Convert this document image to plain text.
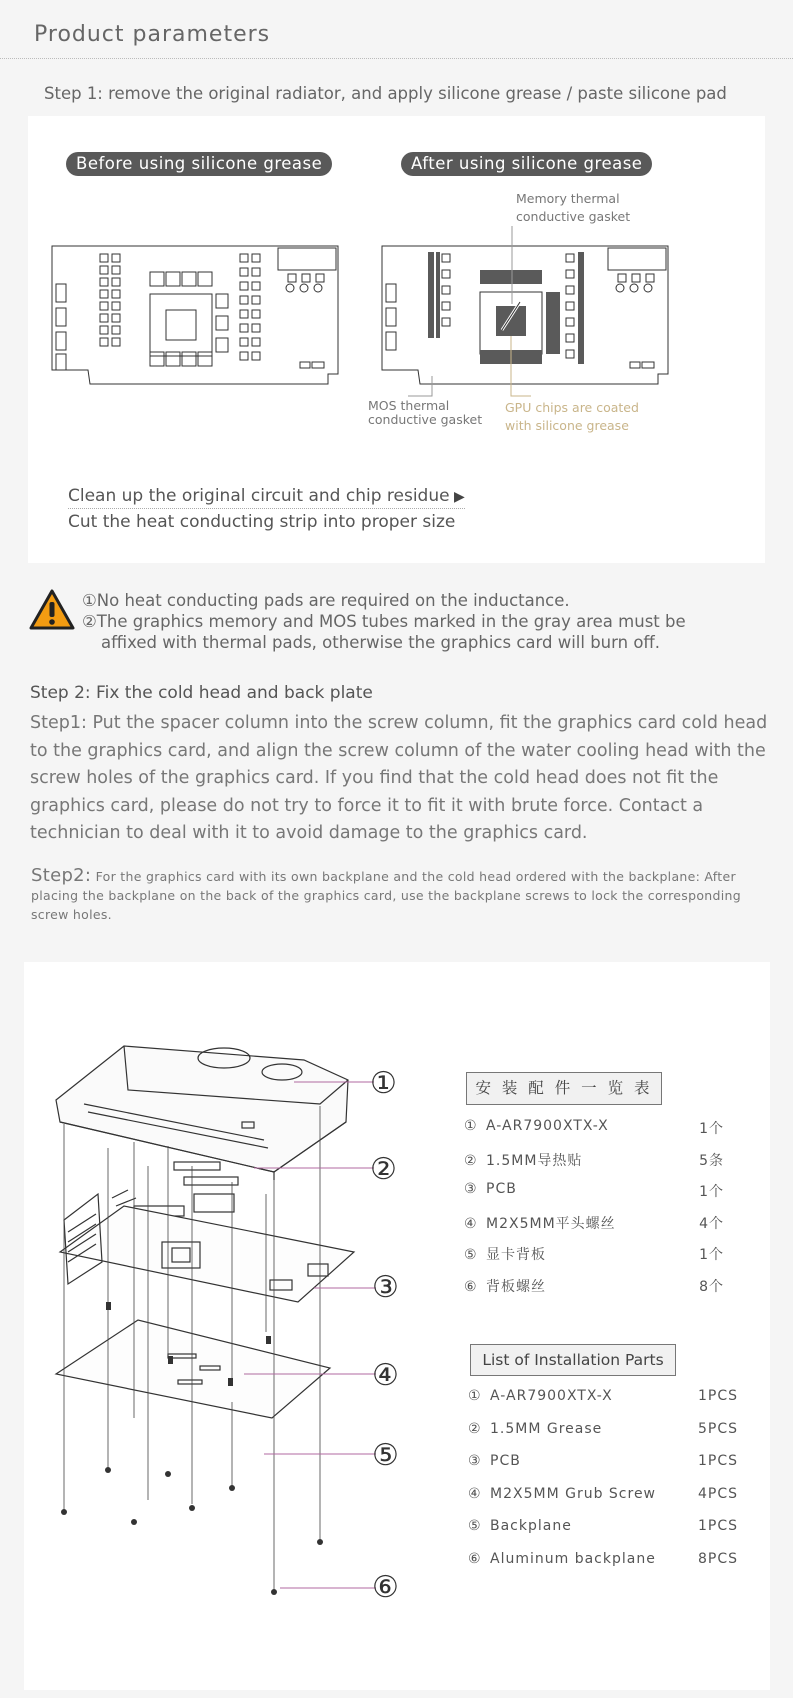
Product parameters
Step 1: remove the original radiator, and apply silicone grease / paste silicone pad
Before using silicone grease	After using silicone grease
Memory thermal
conductive gasket
MOS thermal
conductive gasket
GPU chips are coated
with silicone grease
Clean up the original circuit and chip residue ▶
Cut the heat conducting strip into proper size
①No heat conducting pads are required on the inductance.
②The graphics memory and MOS tubes marked in the gray area must be
affixed with thermal pads, otherwise the graphics card will burn off.
Step 2: Fix the cold head and back plate
Step1: Put the spacer column into the screw column, fit the graphics card cold head to the graphics card, and align the screw column of the water cooling head with the screw holes of the graphics card. If you find that the cold head does not fit the graphics card, please do not try to force it to fit it with brute force. Contact a technician to deal with it to avoid damage to the graphics card.
Step2: For the graphics card with its own backplane and the cold head ordered with the backplane: After placing the backplane on the back of the graphics card, use the backplane screws to lock the corresponding screw holes.
①
②
③
④
⑤
⑥
安 装 配 件 一 览 表
① A-AR7900XTX-X	1个
② 1.5MM导热贴	5条
③ PCB	1个
④ M2X5MM平头螺丝	4个
⑤ 显卡背板	1个
⑥ 背板螺丝	8个
List of Installation Parts
① A-AR7900XTX-X	1PCS
② 1.5MM Grease	5PCS
③ PCB	1PCS
④ M2X5MM Grub Screw	4PCS
⑤ Backplane	1PCS
⑥ Aluminum backplane	8PCS
